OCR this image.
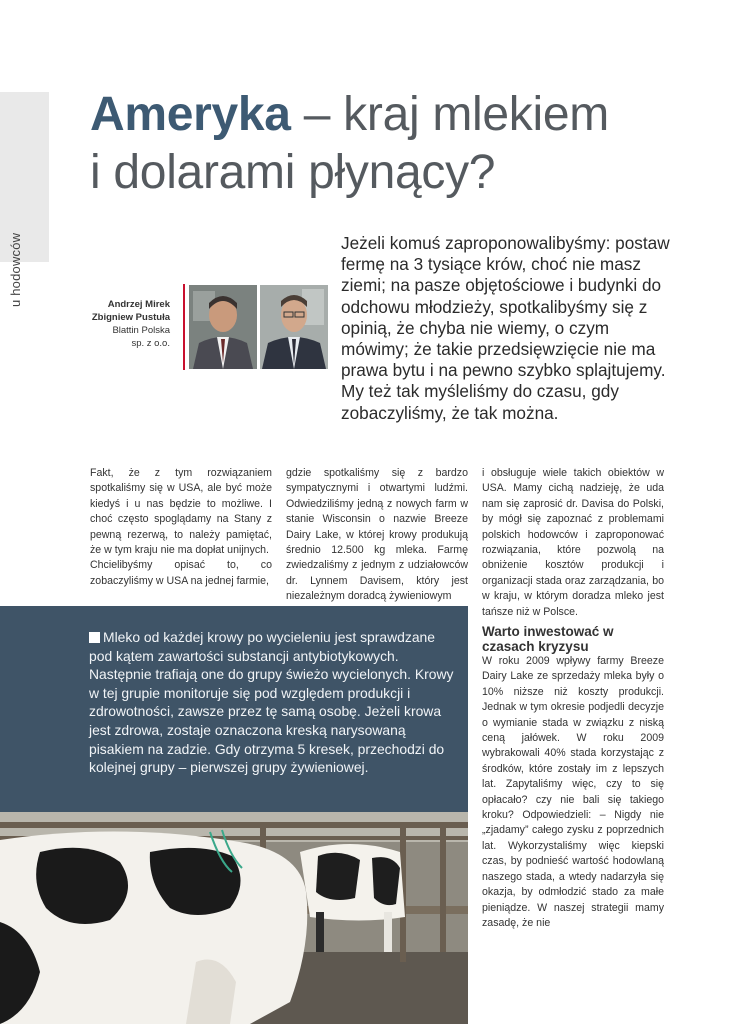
u hodowców
Ameryka – kraj mlekiem
i dolarami płynący?
Andrzej Mirek
Zbigniew Pustuła
Blattin Polska
sp. z o.o.

Jeżeli komuś zaproponowalibyśmy: postaw fermę na 3 tysiące krów, choć nie masz ziemi; na pasze objętościowe i budynki do odchowu młodzieży, spotkalibyśmy się z opinią, że chyba nie wiemy, o czym mówimy; że takie przedsięwzięcie nie ma prawa bytu i na pewno szybko splajtujemy. My też tak myśleliśmy do czasu, gdy zobaczyliśmy, że tak można.

Fakt, że z tym rozwiązaniem spotkaliśmy się w USA, ale być może kiedyś i u nas będzie to możliwe. I choć często spoglądamy na Stany z pewną rezerwą, to należy pamiętać, że w tym kraju nie ma dopłat unijnych.

Chcielibyśmy opisać to, co zobaczyliśmy w USA na jednej farmie,

gdzie spotkaliśmy się z bardzo sympatycznymi i otwartymi ludźmi. Odwiedziliśmy jedną z nowych farm w stanie Wisconsin o nazwie Breeze Dairy Lake, w której krowy produkują średnio 12.500 kg mleka. Farmę zwiedzaliśmy z jednym z udziałowców dr. Lynnem Davisem, który jest niezależnym doradcą żywieniowym

i obsługuje wiele takich obiektów w USA. Mamy cichą nadzieję, że uda nam się zaprosić dr. Davisa do Polski, by mógł się zapoznać z problemami polskich hodowców i zaproponować rozwiązania, które pozwolą na obniżenie kosztów produkcji i organizacji stada oraz zarządzania, bo w kraju, w którym doradza mleko jest tańsze niż w Polsce.

Warto inwestować w czasach kryzysu

W roku 2009 wpływy farmy Breeze Dairy Lake ze sprzedaży mleka były o 10% niższe niż koszty produkcji. Jednak w tym okresie podjedli decyzje o wymianie stada w związku z niską ceną jałówek. W roku 2009 wybrakowali 40% stada korzystając z środków, które zostały im z lepszych lat. Zapytaliśmy więc, czy to się opłacało? czy nie bali się takiego kroku? Odpowiedzieli: – Nigdy nie „zjadamy” całego zysku z poprzednich lat. Wykorzystaliśmy więc kiepski czas, by podnieść wartość hodowlaną naszego stada, a wtedy nadarzyła się okazja, by odmłodzić stado za małe pieniądze. W naszej strategii mamy zasadę, że nie

Mleko od każdej krowy po wycieleniu jest sprawdzane pod kątem zawartości substancji antybiotykowych. Następnie trafiają one do grupy świeżo wycielonych. Krowy w tej grupie monitoruje się pod względem produkcji i zdrowotności, zawsze przez tę samą osobę. Jeżeli krowa jest zdrowa, zostaje oznaczona kreską narysowaną pisakiem na zadzie. Gdy otrzyma 5 kresek, przechodzi do kolejnej grupy – pierwszej grupy żywieniowej.
